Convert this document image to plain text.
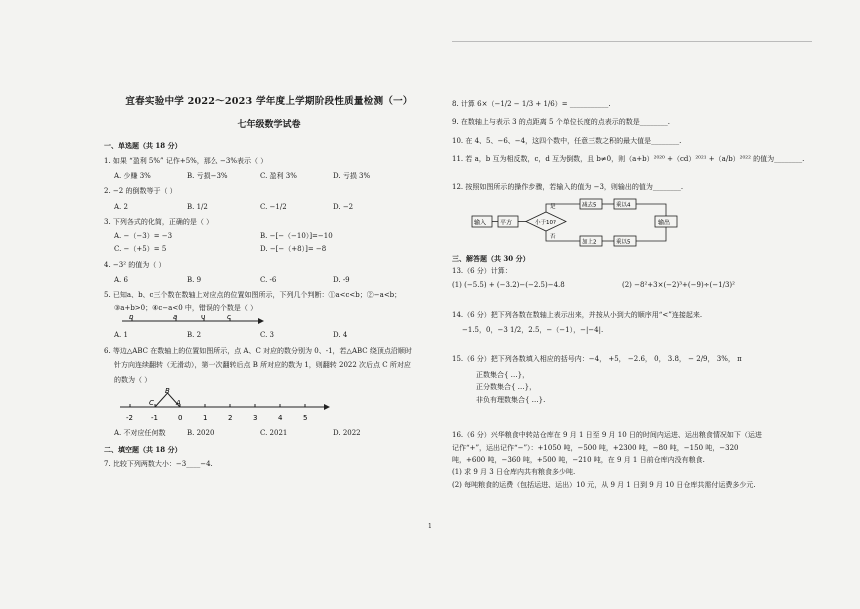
宜春实验中学 2022～2023 学年度上学期阶段性质量检测（一）
七年级数学试卷
一、单选题（共 18 分）
1. 如果 “盈利 5%” 记作+5%，那么 −3%表示（ ）
A. 少赚 3%	B. 亏损−3%	C. 盈利 3%	D. 亏损 3%
2. −2 的倒数等于（ ）
A. 2	B. 1/2	C. −1/2	D. −2
3. 下列各式的化简，正确的是（ ）
A. −（−3）= −3	B. −[−（−10）]=−10
C. −（+5）= 5	D. −[−（+8）]= −8
4. −3² 的值为（ ）
A. 6	B. 9	C. -6	D. -9
5. 已知a、b、c三个数在数轴上对应点的位置如图所示，下列几个判断：①a<c<b；②−a<b；
③a+b>0；④c−a<0 中，错误的个数是（ ）
b	a	0	c
A. 1	B. 2	C. 3	D. 4
6. 等边△ABC 在数轴上的位置如图所示，点 A、C 对应的数分别为 0、-1，若△ABC 绕顶点沿顺时
针方向连续翻转（无滑动），第一次翻转后点 B 所对应的数为 1，则翻转 2022 次后点 C 所对应
的数为（ ）
C	A
B
-2	-1	0	1	2	3	4	5
A. 不对应任何数	B. 2020	C. 2021	D. 2022
二、填空题（共 18 分）
7. 比较下列两数大小：−3____−4.
8. 计算 6×（−1/2 − 1/3 + 1/6）= ___________.
9. 在数轴上与表示 3 的点距离 5 个单位长度的点表示的数是________.
10. 在 4、5、−6、−4，这四个数中，任意三数之积的最大值是________.
11. 若 a，b 互为相反数，c，d 互为倒数，且 b≠0，则（a+b）²⁰²⁰ +（cd）²⁰²¹ +（a/b）²⁰²² 的值为________.
12. 按照如图所示的操作步骤，若输入的值为 −3，则输出的值为________.
输入 平方	小于10?
是
否
减去5	乘以4
加上2	乘以5
输出
三、解答题（共 30 分）
13.（6 分）计算：
(1) (−5.5) + (−3.2)−(−2.5)−4.8	(2) −8²+3×(−2)³+(−9)÷(−1/3)²
14.（6 分）把下列各数在数轴上表示出来，并按从小到大的顺序用“<”连接起来.
−1.5，0，−3 1/2，2.5，−（−1），−|−4|.
15.（6 分）把下列各数填入相应的括号内：−4， +5， −2.6， 0， 3.8， − 2/9， 3%， π
正数集合{ …}，
正分数集合{ …}，
非负有理数集合{ …}.
16.（6 分）兴华粮食中转站仓库在 9 月 1 日至 9 月 10 日的时间内运进、运出粮食情况如下（运进
记作“+”，运出记作“−”）：+1050 吨，−500 吨，+2300 吨，−80 吨，−150 吨，−320
吨，+600 吨，−360 吨，+500 吨，−210 吨，在 9 月 1 日前仓库内没有粮食.
(1) 求 9 月 3 日仓库内共有粮食多少吨.
(2) 每吨粮食的运费（包括运进、运出）10 元，从 9 月 1 日到 9 月 10 日仓库共需付运费多少元.
1
